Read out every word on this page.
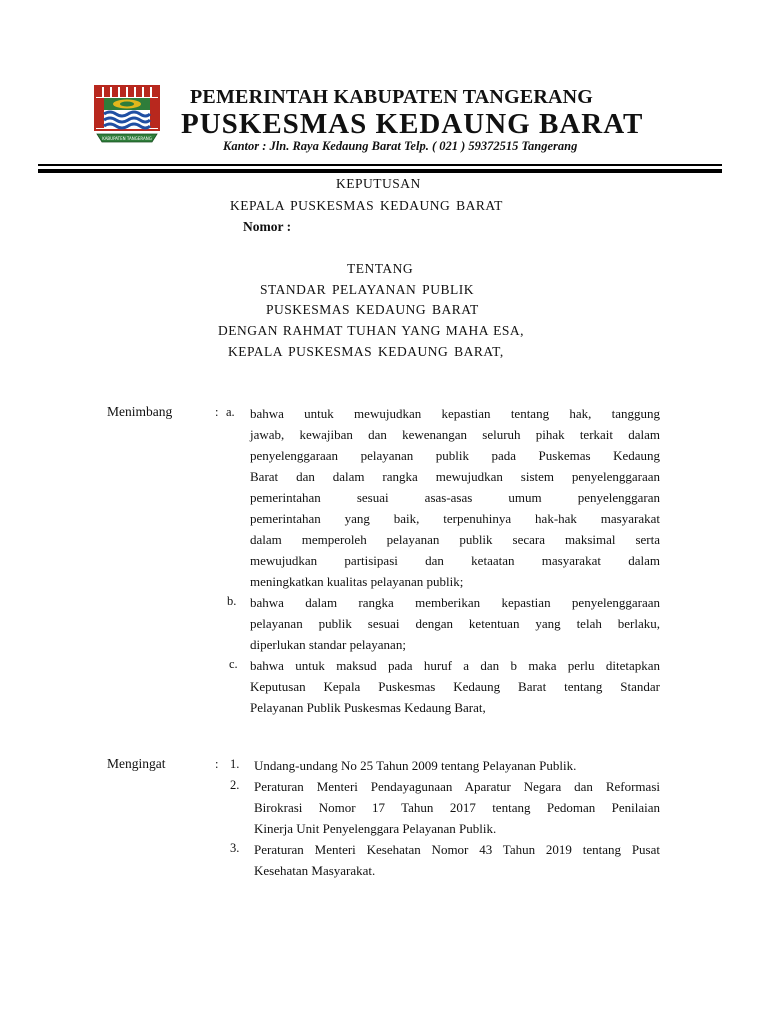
KABUPATEN TANGERANG
PEMERINTAH KABUPATEN TANGERANG
PUSKESMAS KEDAUNG BARAT
Kantor : Jln. Raya Kedaung Barat Telp. ( 021 ) 59372515 Tangerang
KEPUTUSAN
KEPALA PUSKESMAS KEDAUNG BARAT
Nomor :
TENTANG
STANDAR PELAYANAN PUBLIK
PUSKESMAS KEDAUNG BARAT
DENGAN RAHMAT TUHAN YANG MAHA ESA,
KEPALA PUSKESMAS KEDAUNG BARAT,
Menimbang	: a. bahwa untuk mewujudkan kepastian tentang hak, tanggung
jawab, kewajiban dan kewenangan seluruh pihak terkait dalam
penyelenggaraan pelayanan publik pada Puskemas Kedaung
Barat dan dalam rangka mewujudkan sistem penyelenggaraan
pemerintahan sesuai asas-asas umum penyelenggaran
pemerintahan yang baik, terpenuhinya hak-hak masyarakat
dalam memperoleh pelayanan publik secara maksimal serta
mewujudkan partisipasi dan ketaatan masyarakat dalam
meningkatkan kualitas pelayanan publik;
b. bahwa dalam rangka memberikan kepastian penyelenggaraan
pelayanan publik sesuai dengan ketentuan yang telah berlaku,
diperlukan standar pelayanan;
c. bahwa untuk maksud pada huruf a dan b maka perlu ditetapkan
Keputusan Kepala Puskesmas Kedaung Barat tentang Standar
Pelayanan Publik Puskesmas Kedaung Barat,
Mengingat	: 1. Undang-undang No 25 Tahun 2009 tentang Pelayanan Publik.
2. Peraturan Menteri Pendayagunaan Aparatur Negara dan Reformasi
Birokrasi Nomor 17 Tahun 2017 tentang Pedoman Penilaian
Kinerja Unit Penyelenggara Pelayanan Publik.
3. Peraturan Menteri Kesehatan Nomor 43 Tahun 2019 tentang Pusat
Kesehatan Masyarakat.
